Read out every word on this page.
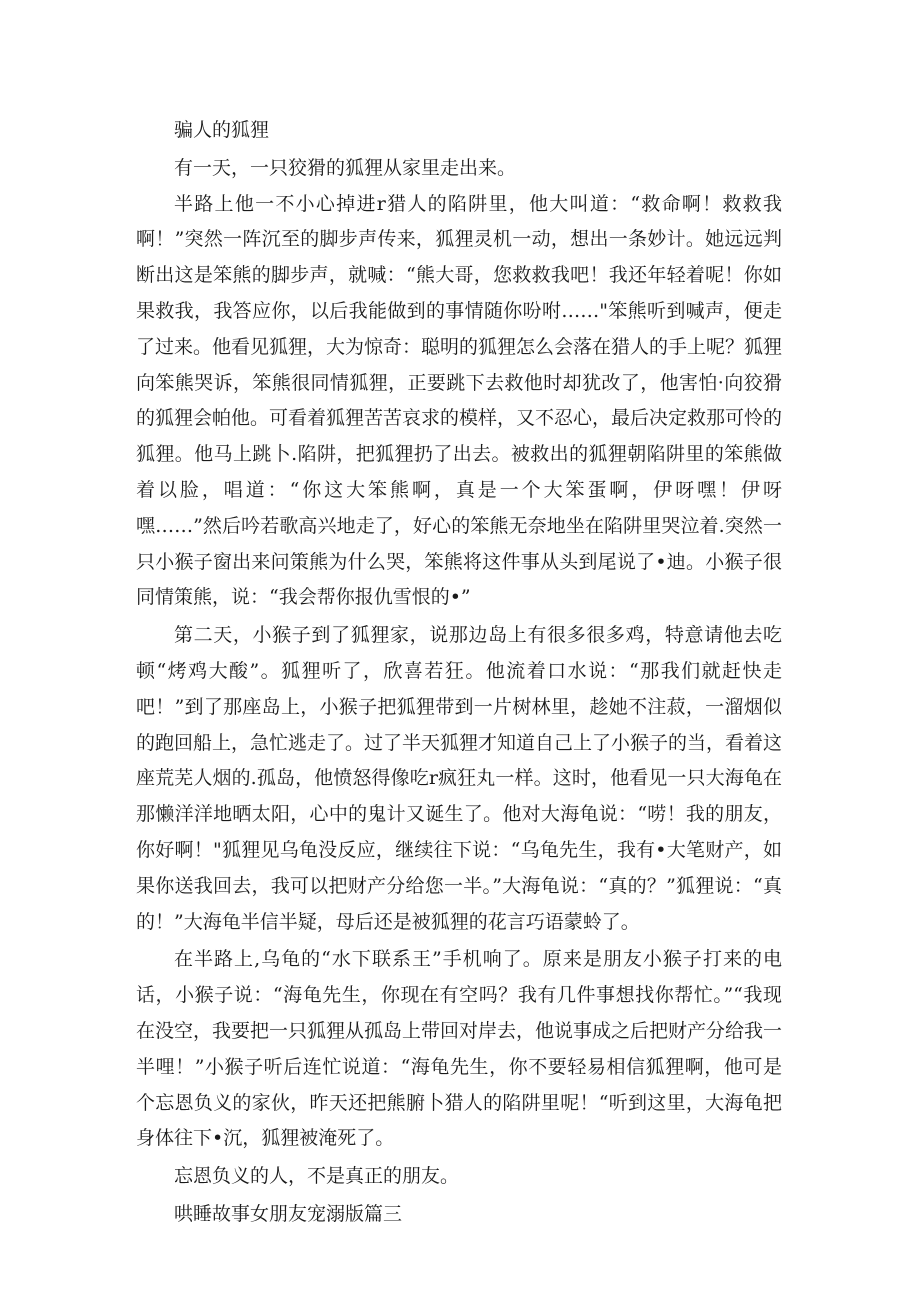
骗人的狐狸

有一天，一只狡猾的狐狸从家里走出来。

半路上他一不小心掉进r猎人的陷阱里，他大叫道：“救命啊！救救我啊！”突然一阵沉至的脚步声传来，狐狸灵机一动，想出一条妙计。她远远判断出这是笨熊的脚步声，就喊：“熊大哥，您救救我吧！我还年轻着呢！你如果救我，我答应你，以后我能做到的事情随你吩咐……"笨熊听到喊声，便走了过来。他看见狐狸，大为惊奇：聪明的狐狸怎么会落在猎人的手上呢？狐狸向笨熊哭诉，笨熊很同情狐狸，正要跳下去救他时却犹改了，他害怕·向狡猾的狐狸会帕他。可看着狐狸苦苦哀求的模样，又不忍心，最后决定救那可怜的狐狸。他马上跳卜.陷阱，把狐狸扔了出去。被救出的狐狸朝陷阱里的笨熊做着以脸，唱道：“你这大笨熊啊，真是一个大笨蛋啊，伊呀嘿！伊呀嘿……”然后吟若歌高兴地走了，好心的笨熊无奈地坐在陷阱里哭泣着.突然一只小猴子窗出来问策熊为什么哭，笨熊将这件事从头到尾说了•迪。小猴子很同情策熊，说：“我会帮你报仇雪恨的•”

第二天，小猴子到了狐狸家，说那边岛上有很多很多鸡，特意请他去吃顿“烤鸡大酸”。狐狸听了，欣喜若狂。他流着口水说：“那我们就赶快走吧！”到了那座岛上，小猴子把狐狸带到一片树林里，趁她不注菽，一溜烟似的跑回船上，急忙逃走了。过了半天狐狸才知道自己上了小猴子的当，看着这座荒芜人烟的.孤岛，他愤怒得像吃r疯狂丸一样。这时，他看见一只大海龟在那懒洋洋地晒太阳，心中的鬼计又诞生了。他对大海龟说：“唠！我的朋友，你好啊！"狐狸见乌龟没反应，继续往下说：“乌龟先生，我有•大笔财产，如果你送我回去，我可以把财产分给您一半。”大海龟说：“真的？”狐狸说：“真的！”大海龟半信半疑，母后还是被狐狸的花言巧语蒙蛉了。

在半路上,乌龟的“水下联系王”手机响了。原来是朋友小猴子打来的电话，小猴子说：“海龟先生，你现在有空吗？我有几件事想找你帮忙。”“我现在没空，我要把一只狐狸从孤岛上带回对岸去，他说事成之后把财产分给我一半哩！”小猴子听后连忙说道：“海龟先生，你不要轻易相信狐狸啊，他可是个忘恩负义的家伙，昨天还把熊腑卜猎人的陷阱里呢！“听到这里，大海龟把身体往下•沉，狐狸被淹死了。

忘恩负义的人，不是真正的朋友。

哄睡故事女朋友宠溺版篇三
